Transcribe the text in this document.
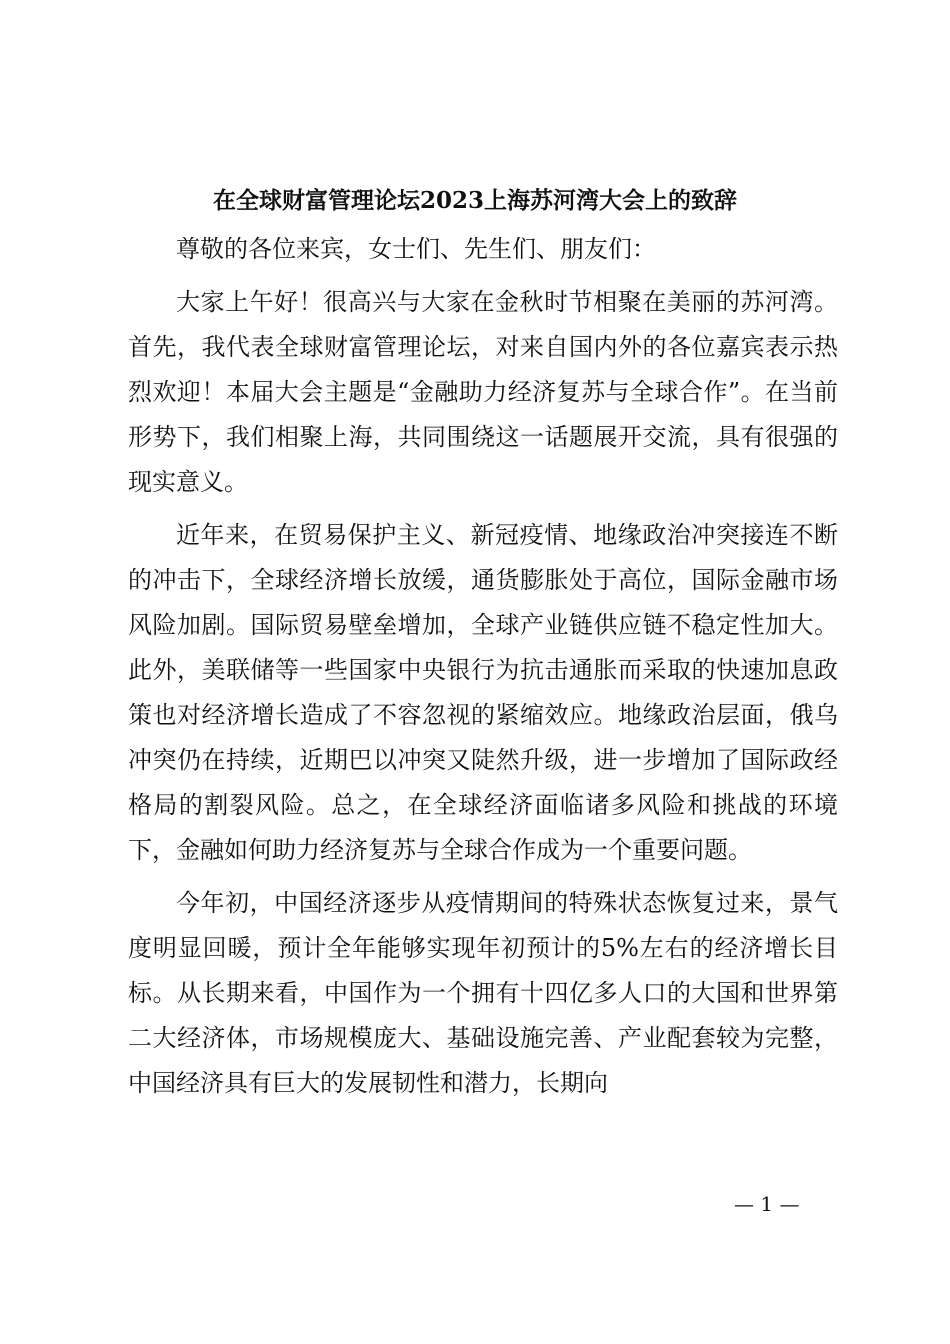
在全球财富管理论坛2023上海苏河湾大会上的致辞

尊敬的各位来宾，女士们、先生们、朋友们：

大家上午好！很高兴与大家在金秋时节相聚在美丽的苏河湾。首先，我代表全球财富管理论坛，对来自国内外的各位嘉宾表示热烈欢迎！本届大会主题是“金融助力经济复苏与全球合作”。在当前形势下，我们相聚上海，共同围绕这一话题展开交流，具有很强的现实意义。

近年来，在贸易保护主义、新冠疫情、地缘政治冲突接连不断的冲击下，全球经济增长放缓，通货膨胀处于高位，国际金融市场风险加剧。国际贸易壁垒增加，全球产业链供应链不稳定性加大。此外，美联储等一些国家中央银行为抗击通胀而采取的快速加息政策也对经济增长造成了不容忽视的紧缩效应。地缘政治层面，俄乌冲突仍在持续，近期巴以冲突又陡然升级，进一步增加了国际政经格局的割裂风险。总之，在全球经济面临诸多风险和挑战的环境下，金融如何助力经济复苏与全球合作成为一个重要问题。

今年初，中国经济逐步从疫情期间的特殊状态恢复过来，景气度明显回暖，预计全年能够实现年初预计的5%左右的经济增长目标。从长期来看，中国作为一个拥有十四亿多人口的大国和世界第二大经济体，市场规模庞大、基础设施完善、产业配套较为完整，中国经济具有巨大的发展韧性和潜力，长期向

— 1 —
